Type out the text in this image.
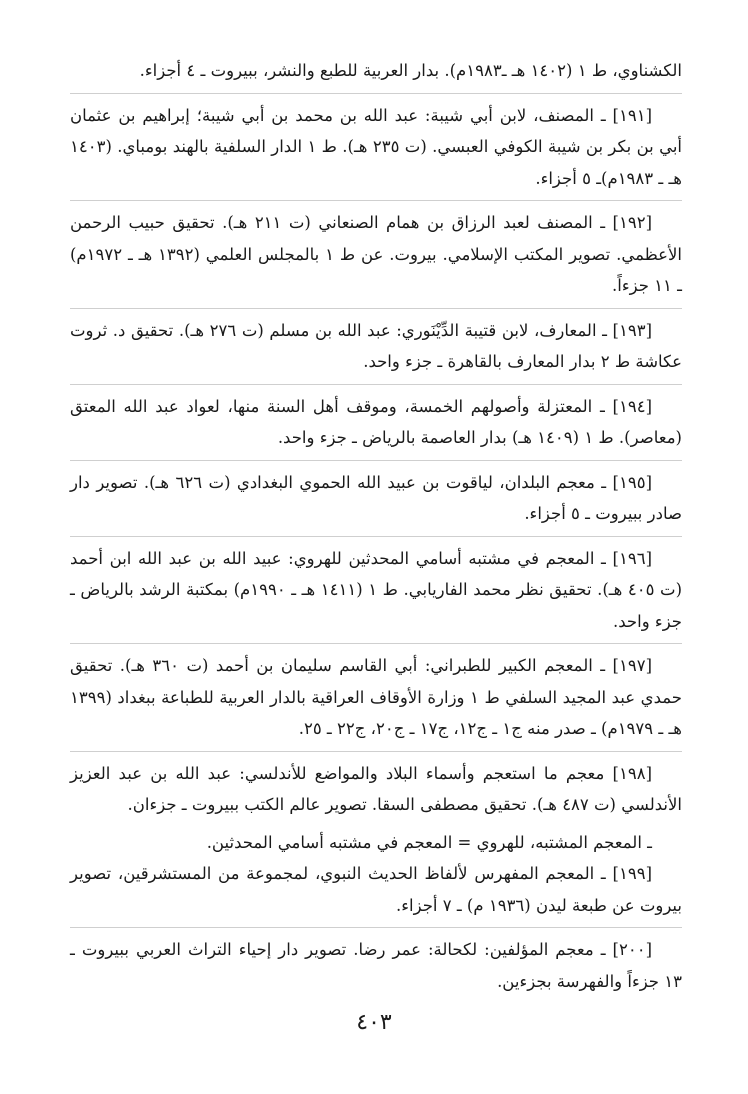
الكشناوي، ط ١ (١٤٠٢ هـ ـ١٩٨٣م). بدار العربية للطبع والنشر، ببيروت ـ ٤ أجزاء.

[١٩١] ـ المصنف، لابن أبي شيبة: عبد الله بن محمد بن أبي شيبة؛ إبراهيم بن عثمان أبي بن بكر بن شيبة الكوفي العبسي. (ت ٢٣٥ هـ). ط ١ الدار السلفية بالهند بومباي. (١٤٠٣ هـ ـ ١٩٨٣م)ـ ٥ أجزاء.

[١٩٢] ـ المصنف لعبد الرزاق بن همام الصنعاني (ت ٢١١ هـ). تحقيق حبيب الرحمن الأعظمي. تصوير المكتب الإسلامي. بيروت. عن ط ١ بالمجلس العلمي (١٣٩٢ هـ ـ ١٩٧٢م) ـ ١١ جزءاً.

[١٩٣] ـ المعارف، لابن قتيبة الدِّيْنَوري: عبد الله بن مسلم (ت ٢٧٦ هـ). تحقيق د. ثروت عكاشة ط ٢ بدار المعارف بالقاهرة ـ جزء واحد.

[١٩٤] ـ المعتزلة وأصولهم الخمسة، وموقف أهل السنة منها، لعواد عبد الله المعتق (معاصر). ط ١ (١٤٠٩ هـ) بدار العاصمة بالرياض ـ جزء واحد.

[١٩٥] ـ معجم البلدان، لياقوت بن عبيد الله الحموي البغدادي (ت ٦٢٦ هـ). تصوير دار صادر ببيروت ـ ٥ أجزاء.

[١٩٦] ـ المعجم في مشتبه أسامي المحدثين للهروي: عبيد الله بن عبد الله ابن أحمد (ت ٤٠٥ هـ). تحقيق نظر محمد الفاريابي. ط ١ (١٤١١ هـ ـ ١٩٩٠م) بمكتبة الرشد بالرياض ـ جزء واحد.

[١٩٧] ـ المعجم الكبير للطبراني: أبي القاسم سليمان بن أحمد (ت ٣٦٠ هـ). تحقيق حمدي عبد المجيد السلفي ط ١ وزارة الأوقاف العراقية بالدار العربية للطباعة ببغداد (١٣٩٩ هـ ـ ١٩٧٩م) ـ صدر منه ج١ ـ ج١٢، ج١٧ ـ ج٢٠، ج٢٢ ـ ٢٥.

[١٩٨] معجم ما استعجم وأسماء البلاد والمواضع للأندلسي: عبد الله بن عبد العزيز الأندلسي (ت ٤٨٧ هـ). تحقيق مصطفى السقا. تصوير عالم الكتب ببيروت ـ جزءان.

ـ المعجم المشتبه، للهروي = المعجم في مشتبه أسامي المحدثين.

[١٩٩] ـ المعجم المفهرس لألفاظ الحديث النبوي، لمجموعة من المستشرقين، تصوير بيروت عن طبعة ليدن (١٩٣٦ م) ـ ٧ أجزاء.

[٢٠٠] ـ معجم المؤلفين: لكحالة: عمر رضا. تصوير دار إحياء التراث العربي ببيروت ـ ١٣ جزءاً والفهرسة بجزءين.

٤٠٣
